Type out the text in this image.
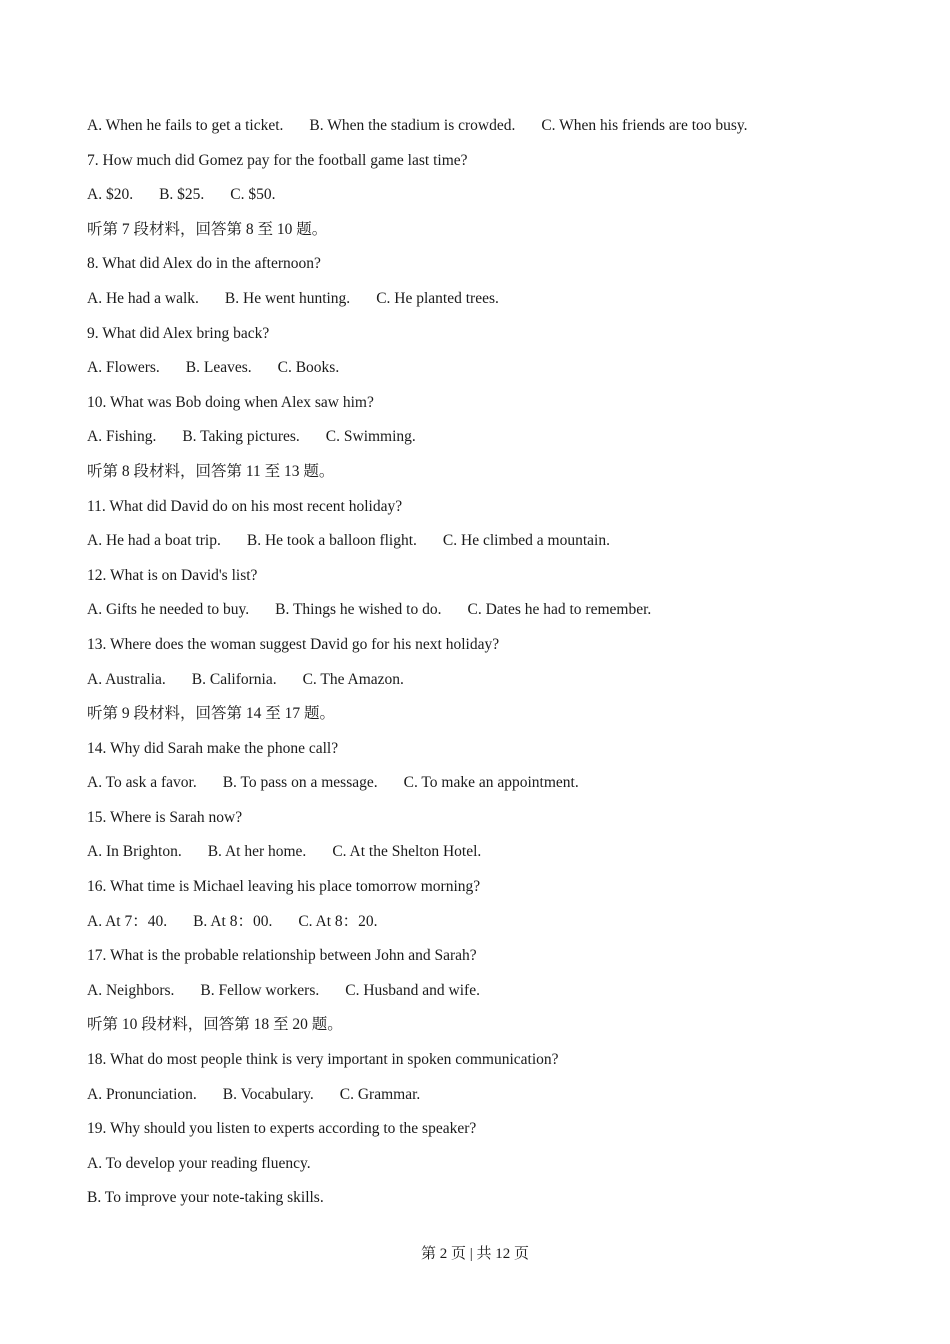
A. When he fails to get a ticket. B. When the stadium is crowded. C. When his friends are too busy.
7. How much did Gomez pay for the football game last time?
A. $20. B. $25. C. $50.
听第 7 段材料，回答第 8 至 10 题。
8. What did Alex do in the afternoon?
A. He had a walk. B. He went hunting. C. He planted trees.
9. What did Alex bring back?
A. Flowers. B. Leaves. C. Books.
10. What was Bob doing when Alex saw him?
A. Fishing. B. Taking pictures. C. Swimming.
听第 8 段材料，回答第 11 至 13 题。
11. What did David do on his most recent holiday?
A. He had a boat trip. B. He took a balloon flight. C. He climbed a mountain.
12. What is on David's list?
A. Gifts he needed to buy. B. Things he wished to do. C. Dates he had to remember.
13. Where does the woman suggest David go for his next holiday?
A. Australia. B. California. C. The Amazon.
听第 9 段材料，回答第 14 至 17 题。
14. Why did Sarah make the phone call?
A. To ask a favor. B. To pass on a message. C. To make an appointment.
15. Where is Sarah now?
A. In Brighton. B. At her home. C. At the Shelton Hotel.
16. What time is Michael leaving his place tomorrow morning?
A. At 7：40. B. At 8：00. C. At 8：20.
17. What is the probable relationship between John and Sarah?
A. Neighbors. B. Fellow workers. C. Husband and wife.
听第 10 段材料，回答第 18 至 20 题。
18. What do most people think is very important in spoken communication?
A. Pronunciation. B. Vocabulary. C. Grammar.
19. Why should you listen to experts according to the speaker?
A. To develop your reading fluency.
B. To improve your note-taking skills.
第 2 页 | 共 12 页
